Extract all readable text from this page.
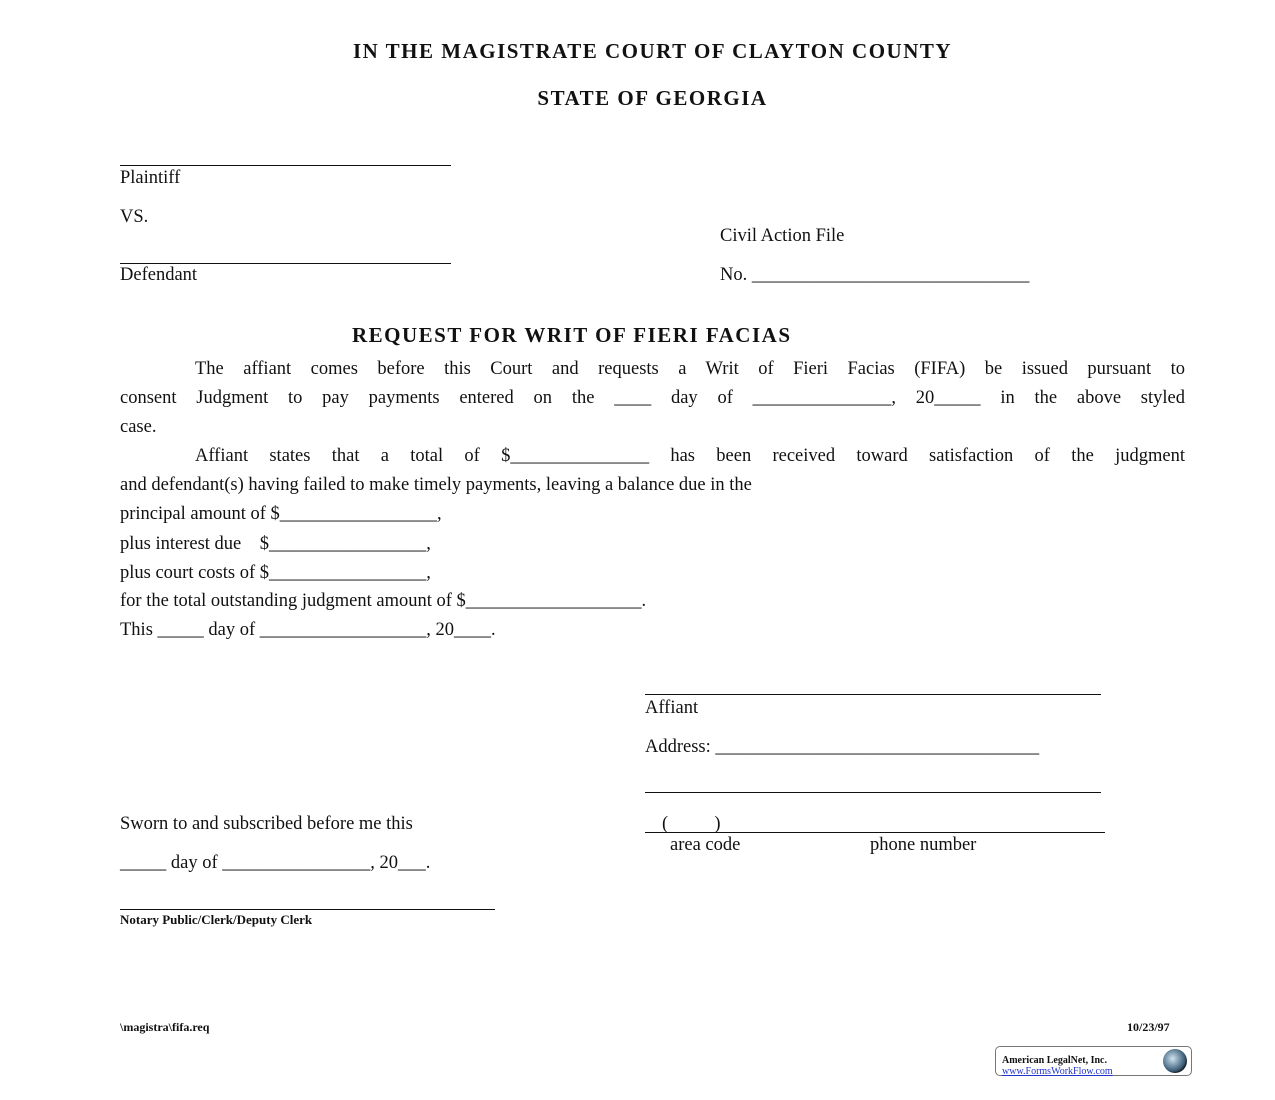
IN THE MAGISTRATE COURT OF CLAYTON COUNTY
STATE OF GEORGIA
Plaintiff
VS.
Defendant
Civil Action File
No. ______________________________
REQUEST FOR WRIT OF FIERI FACIAS
The affiant comes before this Court and requests a Writ of Fieri Facias (FIFA) be issued pursuant to
consent Judgment to pay payments entered on the ____ day of _______________, 20_____ in the above styled
case.
Affiant states that a total of $_______________ has been received toward satisfaction of the judgment
and defendant(s) having failed to make timely payments, leaving a balance due in the
principal amount of $_________________,
plus interest due    $_________________,
plus court costs of $_________________,
for the total outstanding judgment amount of $___________________.
This _____ day of __________________, 20____.
Affiant
Address: ___________________________________
(          )
area code	phone number
Sworn to and subscribed before me this
_____ day of ________________, 20___.
Notary Public/Clerk/Deputy Clerk
\magistra\fifa.req	10/23/97
American LegalNet, Inc.
www.FormsWorkFlow.com
